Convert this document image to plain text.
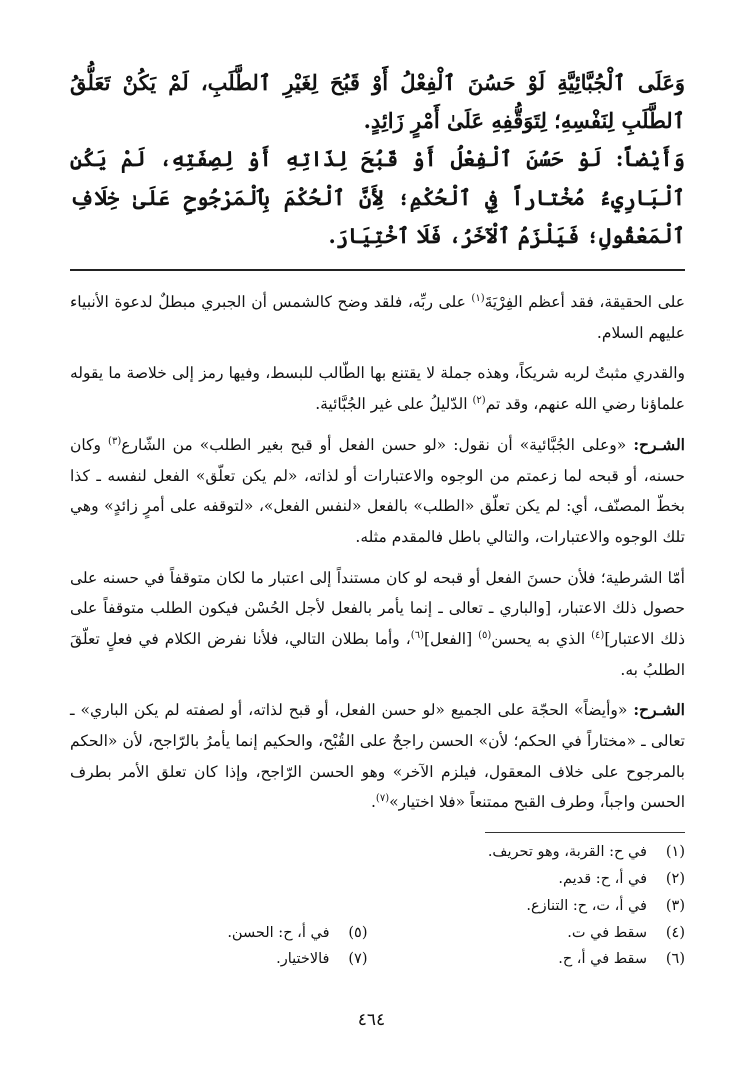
وَعَلَى ٱلْجُبَّائِيَّةِ لَوْ حَسُنَ ٱلْفِعْلُ أَوْ قَبُحَ لِغَيْرِ ٱلطَّلَبِ، لَمْ يَكُنْ تَعَلُّقُ ٱلطَّلَبِ لِنَفْسِهِ؛ لِتَوَقُّفِهِ عَلَىٰ أَمْرٍ زَائِدٍ.

وَأَيْضاً: لَوْ حَسُنَ ٱلْفِعْلُ أَوْ قَبُحَ لِذَاتِهِ أَوْ لِصِفَتِهِ، لَمْ يَكُنِ ٱلْبَارِيءُ مُخْتاراً فِي ٱلْحُكْمِ؛ لِأَنَّ ٱلْحُكْمَ بِٱلْمَرْجُوحِ عَلَىٰ خِلَافِ ٱلْمَعْقُولِ؛ فَيَلْزَمُ ٱلْآخَرُ، فَلَا ٱخْتِيَارَ.

على الحقيقة، فقد أعظم الفِرْيَةَ$^{(١)}$ على ربِّه، فلقد وضح كالشمس أن الجبري مبطلٌ لدعوة الأنبياء عليهم السلام.

والقدري مثبتٌ لربه شريكاً، وهذه جملة لا يقتنع بها الطّالب للبسط، وفيها رمز إلى خلاصة ما يقوله علماؤنا رضي الله عنهم، وقد تم$^{(٢)}$ الدّليلُ على غير الجُبَّائية.

الشـرح: «وعلى الجُبَّائية» أن نقول: «لو حسن الفعل أو قبح بغير الطلب» من الشّارع$^{(٣)}$ وكان حسنه، أو قبحه لما زعمتم من الوجوه والاعتبارات أو لذاته، «لم يكن تعلّق» الفعل لنفسه ـ كذا بخطّ المصنّف، أي: لم يكن تعلّق «الطلب» بالفعل «لنفس الفعل»، «لتوقفه على أمرٍ زائدٍ» وهي تلك الوجوه والاعتبارات، والتالي باطل فالمقدم مثله.

أمّا الشرطية؛ فلأن حسنَ الفعل أو قبحه لو كان مستنداً إلى اعتبار ما لكان متوقفاً في حسنه على حصول ذلك الاعتبار، [والباري ـ تعالى ـ إنما يأمر بالفعل لأجل الحُسْن فيكون الطلب متوقفاً على ذلك الاعتبار]$^{(٤)}$ الذي به يحسن$^{(٥)}$ [الفعل]$^{(٦)}$، وأما بطلان التالي، فلأنا نفرض الكلام في فعلٍ تعلّقَ الطلبُ به.

الشـرح: «وأيضاً» الحجّة على الجميع «لو حسن الفعل، أو قبح لذاته، أو لصفته لم يكن الباري» ـ تعالى ـ «مختاراً في الحكم؛ لأن» الحسن راجحٌ على القُبْح، والحكيم إنما يأمرُ بالرّاجح، لأن «الحكم بالمرجوح على خلاف المعقول، فيلزم الآخر» وهو الحسن الرّاجح، وإذا كان تعلق الأمر بطرف الحسن واجباً، وطرف القبح ممتنعاً «فلا اختيار»$^{(٧)}$.

(١)في ح: القربة، وهو تحريف.
(٢)في أ، ح: قديم.
(٣)في أ، ت، ح: التنازع.
(٤)سقط في ت.
(٥)في أ، ح: الحسن.
(٦)سقط في أ، ح.
(٧)فالاختيار.
٤٦٤
